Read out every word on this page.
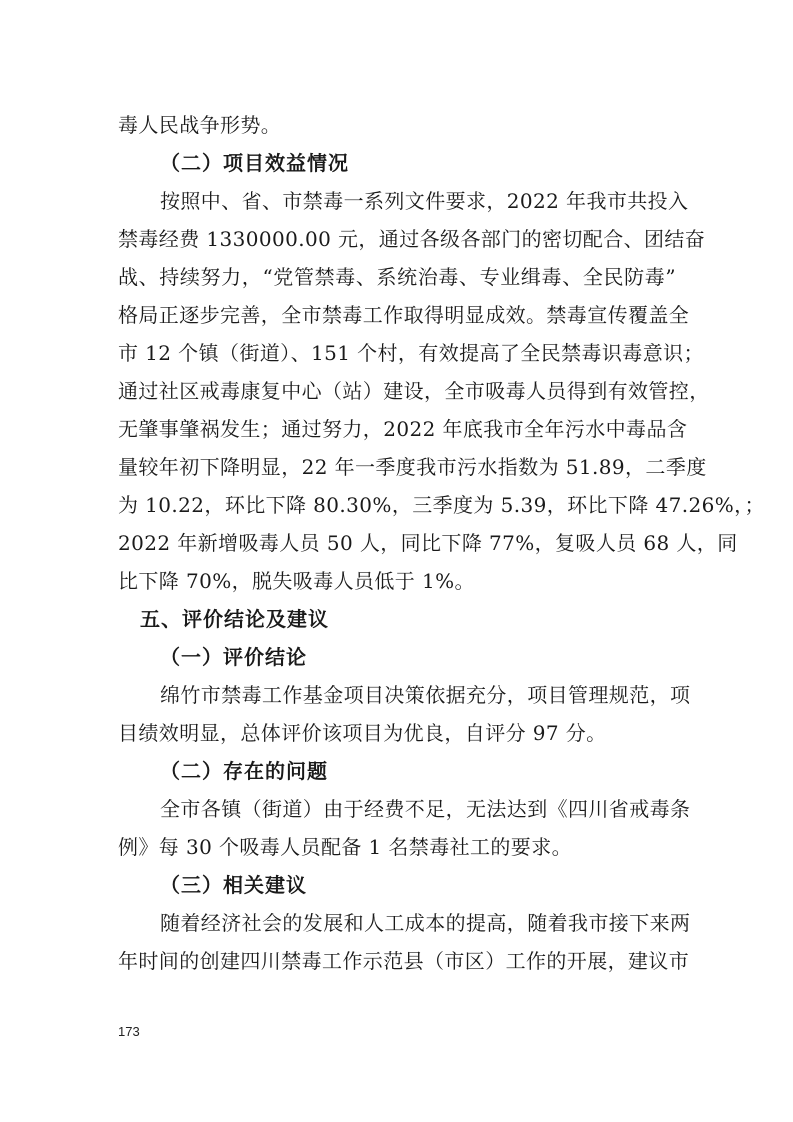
毒人民战争形势。
（二）项目效益情况
按照中、省、市禁毒一系列文件要求，2022 年我市共投入
禁毒经费 1330000.00 元，通过各级各部门的密切配合、团结奋
战、持续努力，“党管禁毒、系统治毒、专业缉毒、全民防毒”
格局正逐步完善，全市禁毒工作取得明显成效。禁毒宣传覆盖全
市 12 个镇（街道）、151 个村，有效提高了全民禁毒识毒意识；
通过社区戒毒康复中心（站）建设，全市吸毒人员得到有效管控，
无肇事肇祸发生；通过努力，2022 年底我市全年污水中毒品含
量较年初下降明显，22 年一季度我市污水指数为 51.89，二季度
为 10.22，环比下降 80.30%，三季度为 5.39，环比下降 47.26%，；
2022 年新增吸毒人员 50 人，同比下降 77%，复吸人员 68 人，同
比下降 70%，脱失吸毒人员低于 1%。
五、评价结论及建议
（一）评价结论
绵竹市禁毒工作基金项目决策依据充分，项目管理规范，项
目绩效明显，总体评价该项目为优良，自评分 97 分。
（二）存在的问题
全市各镇（街道）由于经费不足，无法达到《四川省戒毒条
例》每 30 个吸毒人员配备 1 名禁毒社工的要求。
（三）相关建议
随着经济社会的发展和人工成本的提高，随着我市接下来两
年时间的创建四川禁毒工作示范县（市区）工作的开展，建议市
173
